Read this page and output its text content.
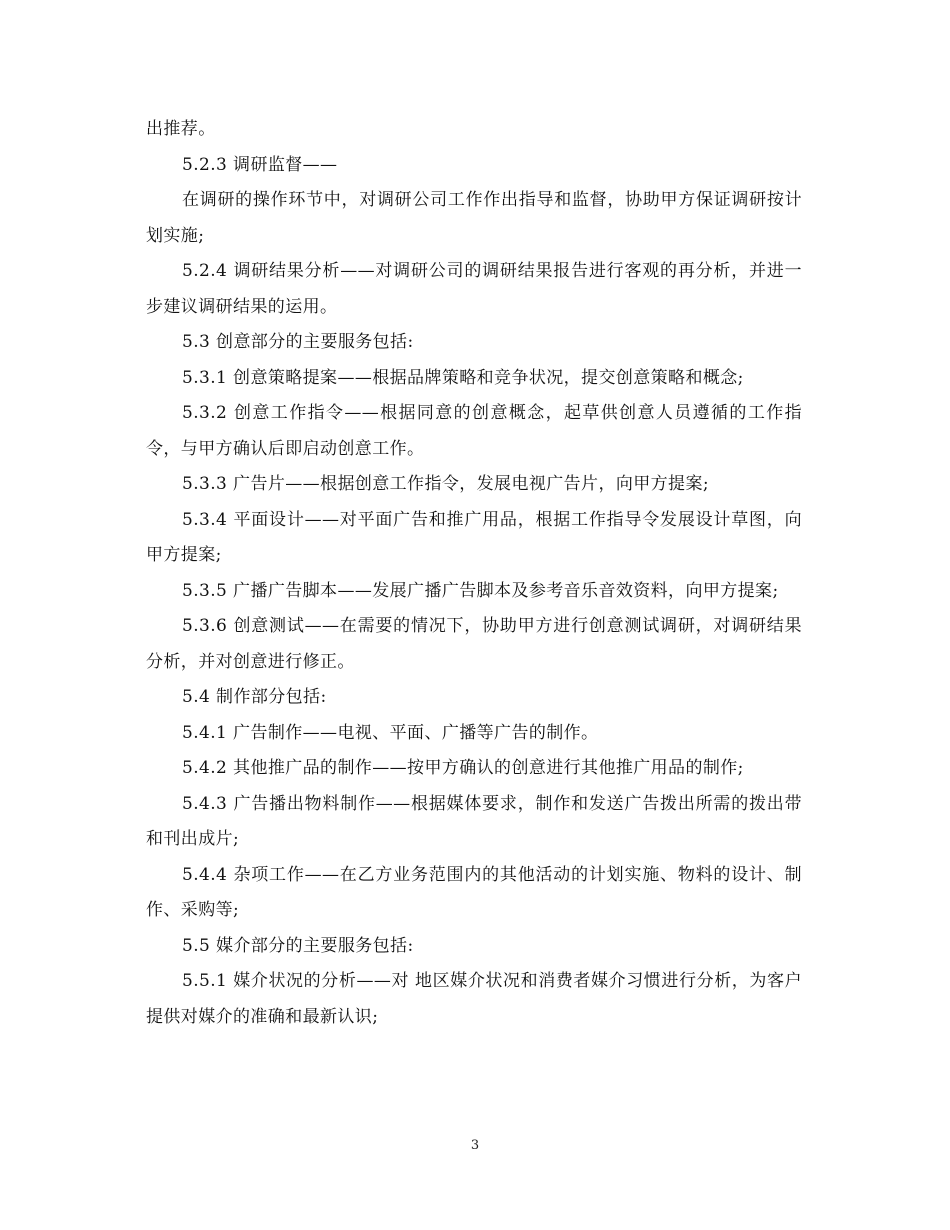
出推荐。

5.2.3 调研监督——

在调研的操作环节中，对调研公司工作作出指导和监督，协助甲方保证调研按计划实施;

5.2.4 调研结果分析——对调研公司的调研结果报告进行客观的再分析，并进一步建议调研结果的运用。

5.3 创意部分的主要服务包括:

5.3.1 创意策略提案——根据品牌策略和竞争状况，提交创意策略和概念;

5.3.2 创意工作指令——根据同意的创意概念，起草供创意人员遵循的工作指令，与甲方确认后即启动创意工作。

5.3.3 广告片——根据创意工作指令，发展电视广告片，向甲方提案;

5.3.4 平面设计——对平面广告和推广用品，根据工作指导令发展设计草图，向甲方提案;

5.3.5 广播广告脚本——发展广播广告脚本及参考音乐音效资料，向甲方提案;

5.3.6 创意测试——在需要的情况下，协助甲方进行创意测试调研，对调研结果分析，并对创意进行修正。

5.4 制作部分包括:

5.4.1 广告制作——电视、平面、广播等广告的制作。

5.4.2 其他推广品的制作——按甲方确认的创意进行其他推广用品的制作;

5.4.3 广告播出物料制作——根据媒体要求，制作和发送广告拨出所需的拨出带和刊出成片;

5.4.4 杂项工作——在乙方业务范围内的其他活动的计划实施、物料的设计、制作、采购等;

5.5 媒介部分的主要服务包括:

5.5.1 媒介状况的分析——对 地区媒介状况和消费者媒介习惯进行分析，为客户提供对媒介的准确和最新认识;

3
